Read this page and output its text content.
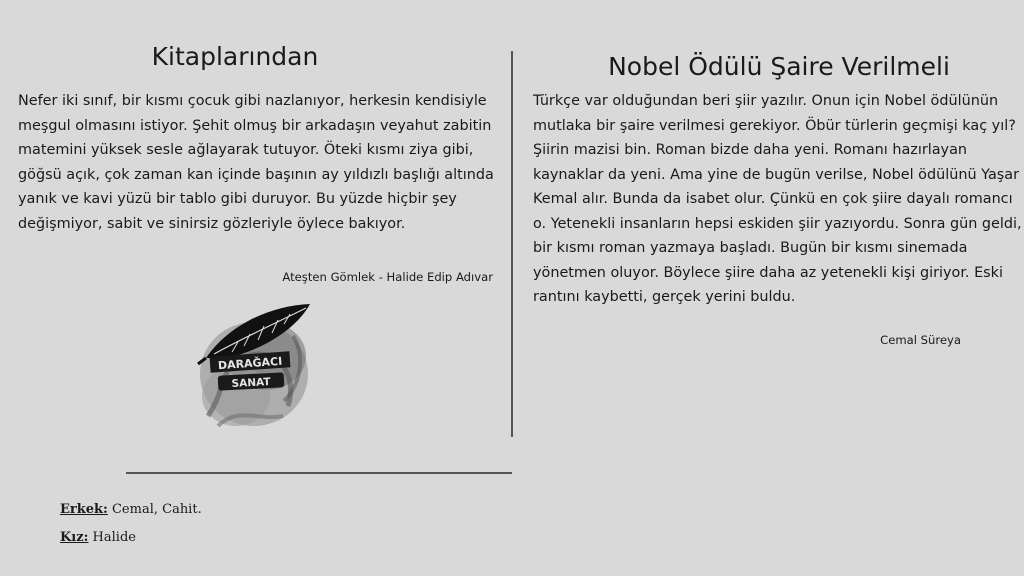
Kitaplarından

Nefer iki sınıf, bir kısmı çocuk gibi nazlanıyor, herkesin kendisiyle meşgul olmasını istiyor. Şehit olmuş bir arkadaşın veyahut zabitin matemini yüksek sesle ağlayarak tutuyor. Öteki kısmı ziya gibi, göğsü açık, çok zaman kan içinde başının ay yıldızlı başlığı altında yanık ve kavi yüzü bir tablo gibi duruyor. Bu yüzde hiçbir şey değişmiyor, sabit ve sinirsiz gözleriyle öylece bakıyor.

Ateşten Gömlek - Halide Edip Adıvar

DARAĞACI
SANAT
Nobel Ödülü Şaire Verilmeli

Türkçe var olduğundan beri şiir yazılır. Onun için Nobel ödülünün mutlaka bir şaire verilmesi gerekiyor. Öbür türlerin geçmişi kaç yıl? Şiirin mazisi bin. Roman bizde daha yeni. Romanı hazırlayan kaynaklar da yeni. Ama yine de bugün verilse, Nobel ödülünü Yaşar Kemal alır. Bunda da isabet olur. Çünkü en çok şiire dayalı romancı o. Yetenekli insanların hepsi eskiden şiir yazıyordu. Sonra gün geldi, bir kısmı roman yazmaya başladı. Bugün bir kısmı sinemada yönetmen oluyor. Böylece şiire daha az yetenekli kişi giriyor. Eski rantını kaybetti, gerçek yerini buldu.

Cemal Süreya

Erkek: Cemal, Cahit.

Kız: Halide
